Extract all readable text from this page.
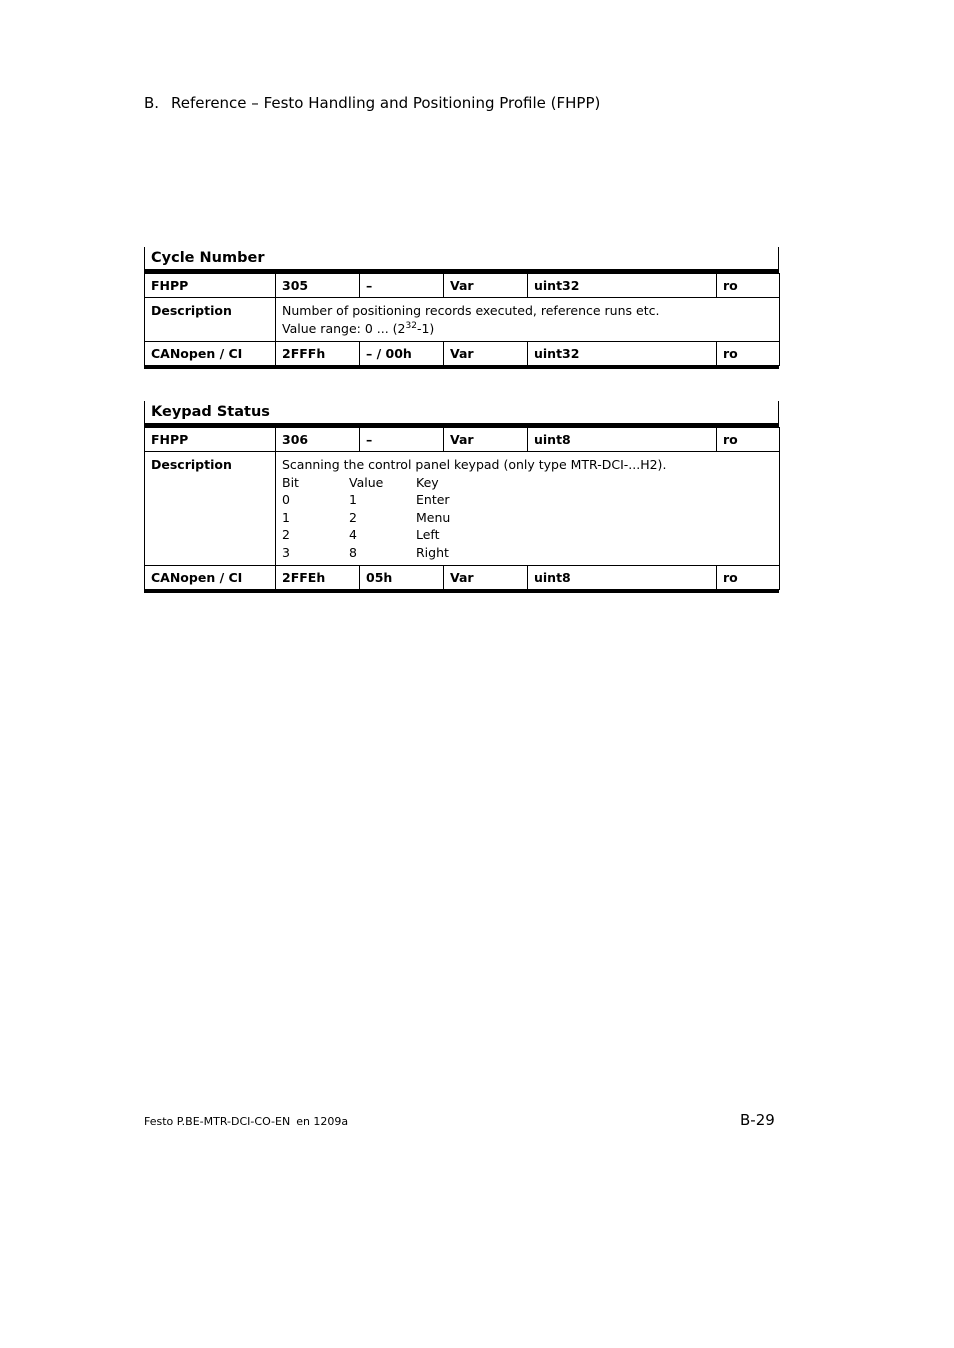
B. Reference – Festo Handling and Positioning Profile (FHPP)
Cycle Number
FHPP	305	–	Var	uint32	ro
Description	Number of positioning records executed, reference runs etc.
Value range: 0 ... $(2^{32}-1)$				

CANopen / CI	2FFFh	– / 00h	Var	uint32	ro
Keypad Status
FHPP	306	–	Var	uint8	ro
Description	Scanning the control panel keypad (only type MTR-DCI-...H2).
Bit	Value	Key
0	1	Enter
1	2	Menu
2	4	Left
3	8	Right

CANopen / CI	2FFEh	05h	Var	uint8	ro
Festo P.BE-MTR-DCI-CO-EN en 1209a	B-29
